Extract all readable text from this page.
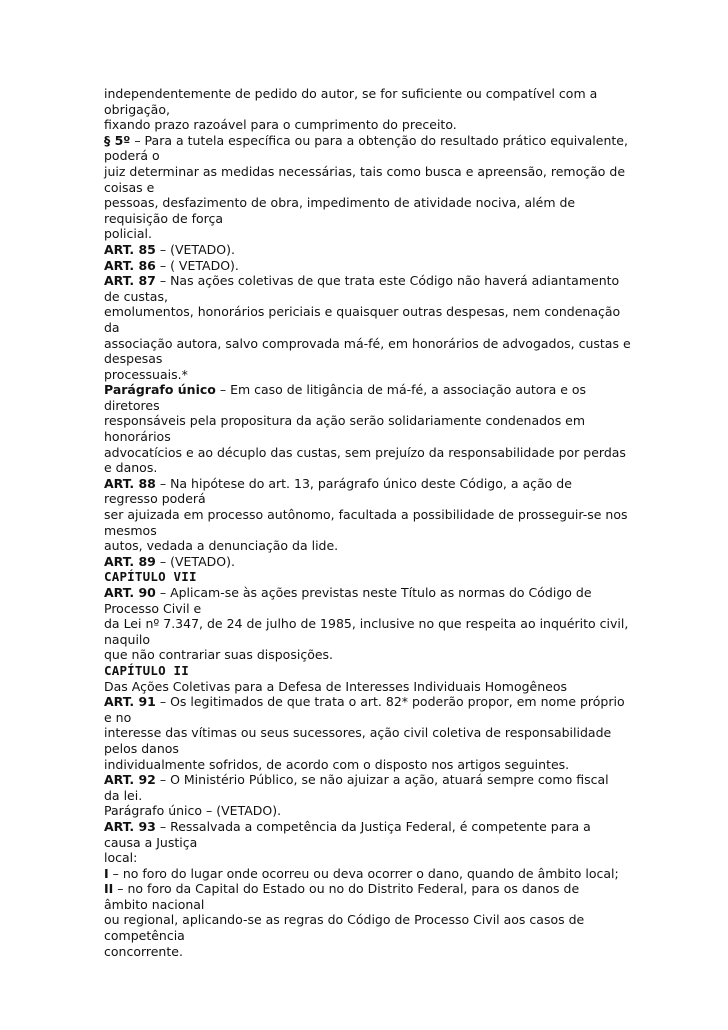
independentemente de pedido do autor, se for suficiente ou compatível com a
obrigação,
fixando prazo razoável para o cumprimento do preceito.
§ 5º – Para a tutela específica ou para a obtenção do resultado prático equivalente,
poderá o
juiz determinar as medidas necessárias, tais como busca e apreensão, remoção de
coisas e
pessoas, desfazimento de obra, impedimento de atividade nociva, além de
requisição de força
policial.
ART. 85 – (VETADO).
ART. 86 – ( VETADO).
ART. 87 – Nas ações coletivas de que trata este Código não haverá adiantamento
de custas,
emolumentos, honorários periciais e quaisquer outras despesas, nem condenação
da
associação autora, salvo comprovada má-fé, em honorários de advogados, custas e
despesas
processuais.*
Parágrafo único – Em caso de litigância de má-fé, a associação autora e os
diretores
responsáveis pela propositura da ação serão solidariamente condenados em
honorários
advocatícios e ao décuplo das custas, sem prejuízo da responsabilidade por perdas
e danos.
ART. 88 – Na hipótese do art. 13, parágrafo único deste Código, a ação de
regresso poderá
ser ajuizada em processo autônomo, facultada a possibilidade de prosseguir-se nos
mesmos
autos, vedada a denunciação da lide.
ART. 89 – (VETADO).
CAPÍTULO VII
ART. 90 – Aplicam-se às ações previstas neste Título as normas do Código de
Processo Civil e
da Lei nº 7.347, de 24 de julho de 1985, inclusive no que respeita ao inquérito civil,
naquilo
que não contrariar suas disposições.
CAPÍTULO II
Das Ações Coletivas para a Defesa de Interesses Individuais Homogêneos
ART. 91 – Os legitimados de que trata o art. 82* poderão propor, em nome próprio
e no
interesse das vítimas ou seus sucessores, ação civil coletiva de responsabilidade
pelos danos
individualmente sofridos, de acordo com o disposto nos artigos seguintes.
ART. 92 – O Ministério Público, se não ajuizar a ação, atuará sempre como fiscal
da lei.
Parágrafo único – (VETADO).
ART. 93 – Ressalvada a competência da Justiça Federal, é competente para a
causa a Justiça
local:
I – no foro do lugar onde ocorreu ou deva ocorrer o dano, quando de âmbito local;
II – no foro da Capital do Estado ou no do Distrito Federal, para os danos de
âmbito nacional
ou regional, aplicando-se as regras do Código de Processo Civil aos casos de
competência
concorrente.
